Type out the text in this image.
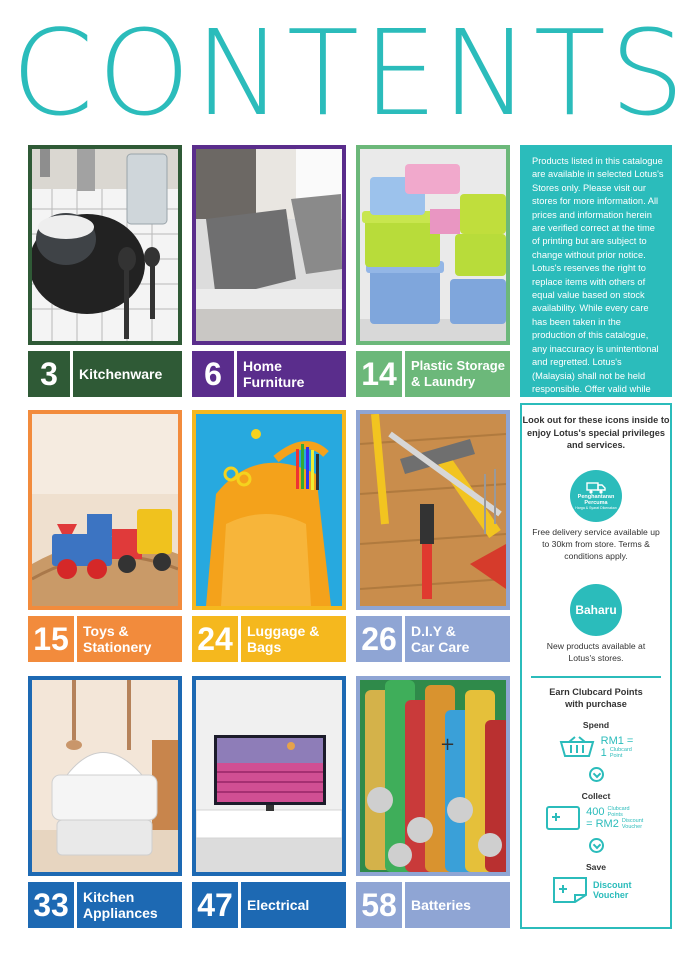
CONTENTS
3	Kitchenware	6	Home
Furniture	14	Plastic Storage
& Laundry
15	Toys &
Stationery	24	Luggage &
Bags	26	D.I.Y &
Car Care
33	Kitchen
Appliances	47	Electrical
+
58	Batteries

Products listed in this catalogue are available in selected Lotus's Stores only. Please visit our stores for more information. All prices and information herein are verified correct at the time of printing but are subject to change without prior notice. Lotus's reserves the right to replace items with others of equal value based on stock availability. While every care has been taken in the production of this catalogue, any inaccuracy is unintentional and regretted. Lotus's (Malaysia) shall not be held responsible. Offer valid while stocks last.

Look out for these icons inside to enjoy Lotus's special privileges and services.
Penghantaran Percuma
Harga & Syarat Dikenakan
Free delivery service available up to 30km from store. Terms & conditions apply.
Baharu
New products available at Lotus's stores.
Earn Clubcard Points with purchase
Spend
RM1 =
1 Clubcard Point
Collect
400 Clubcard Points
= RM2 Discount Voucher
Save
Discount Voucher
